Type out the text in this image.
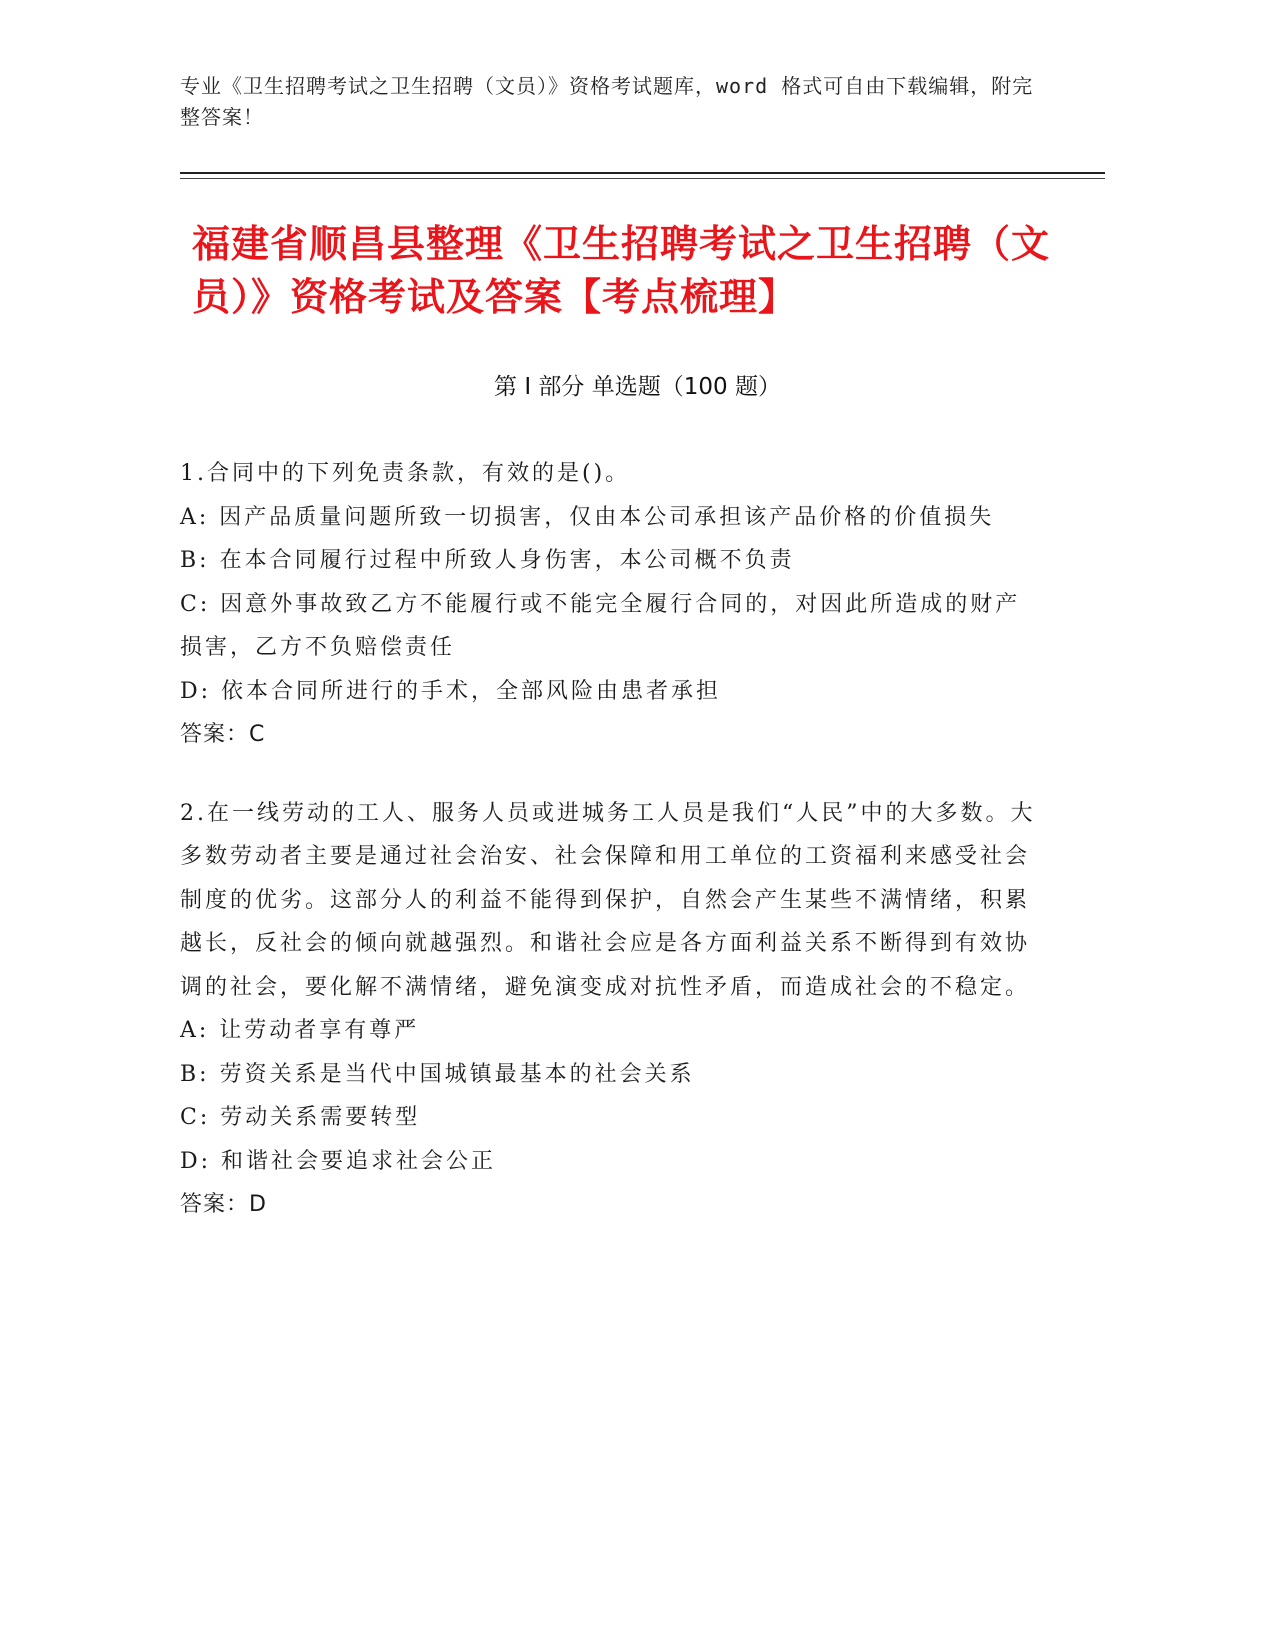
专业《卫生招聘考试之卫生招聘（文员）》资格考试题库，word 格式可自由下载编辑，附完整答案！
福建省顺昌县整理《卫生招聘考试之卫生招聘（文员）》资格考试及答案【考点梳理】
第 I 部分 单选题（100 题）

1.合同中的下列免责条款，有效的是()。

A: 因产品质量问题所致一切损害，仅由本公司承担该产品价格的价值损失

B: 在本合同履行过程中所致人身伤害，本公司概不负责

C: 因意外事故致乙方不能履行或不能完全履行合同的，对因此所造成的财产损害，乙方不负赔偿责任

D: 依本合同所进行的手术，全部风险由患者承担

答案：C

2.在一线劳动的工人、服务人员或进城务工人员是我们“人民”中的大多数。大多数劳动者主要是通过社会治安、社会保障和用工单位的工资福利来感受社会制度的优劣。这部分人的利益不能得到保护，自然会产生某些不满情绪，积累越长，反社会的倾向就越强烈。和谐社会应是各方面利益关系不断得到有效协调的社会，要化解不满情绪，避免演变成对抗性矛盾，而造成社会的不稳定。

A: 让劳动者享有尊严

B: 劳资关系是当代中国城镇最基本的社会关系

C: 劳动关系需要转型

D: 和谐社会要追求社会公正

答案：D
